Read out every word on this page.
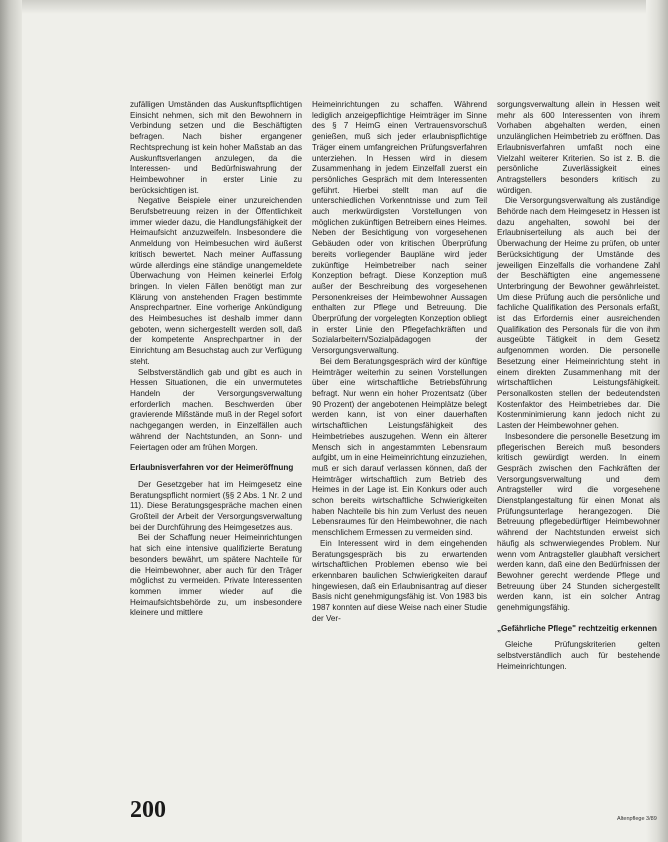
zufälligen Umständen das Auskunftspflichtigen Einsicht nehmen, sich mit den Bewohnern in Verbindung setzen und die Beschäftigten befragen. Nach bisher ergangener Rechtsprechung ist kein hoher Maßstab an das Auskunftsverlangen anzulegen, da die Interessen- und Bedürfniswahrung der Heimbewohner in erster Linie zu berücksichtigen ist.

Negative Beispiele einer unzureichenden Berufsbetreuung reizen in der Öffentlichkeit immer wieder dazu, die Handlungsfähigkeit der Heimaufsicht anzuzweifeln. Insbesondere die Anmeldung von Heimbesuchen wird äußerst kritisch bewertet. Nach meiner Auffassung würde allerdings eine ständige unangemeldete Überwachung von Heimen keinerlei Erfolg bringen. In vielen Fällen benötigt man zur Klärung von anstehenden Fragen bestimmte Ansprechpartner. Eine vorherige Ankündigung des Heimbesuches ist deshalb immer dann geboten, wenn sichergestellt werden soll, daß der kompetente Ansprechpartner in der Einrichtung am Besuchstag auch zur Verfügung steht.

Selbstverständlich gab und gibt es auch in Hessen Situationen, die ein unvermutetes Handeln der Versorgungsverwaltung erforderlich machen. Beschwerden über gravierende Mißstände muß in der Regel sofort nachgegangen werden, in Einzelfällen auch während der Nachtstunden, an Sonn- und Feiertagen oder am frühen Morgen.

Erlaubnisverfahren vor der Heimeröffnung

Der Gesetzgeber hat im Heimgesetz eine Beratungspflicht normiert (§§ 2 Abs. 1 Nr. 2 und 11). Diese Beratungsgespräche machen einen Großteil der Arbeit der Versorgungsverwaltung bei der Durchführung des Heimgesetzes aus.

Bei der Schaffung neuer Heimeinrichtungen hat sich eine intensive qualifizierte Beratung besonders bewährt, um spätere Nachteile für die Heimbewohner, aber auch für den Träger möglichst zu vermeiden. Private Interessenten kommen immer wieder auf die Heimaufsichtsbehörde zu, um insbesondere kleinere und mittlere

Heimeinrichtungen zu schaffen. Während lediglich anzeigepflichtige Heimträger im Sinne des § 7 HeimG einen Vertrauensvorschuß genießen, muß sich jeder erlaubnispflichtige Träger einem umfangreichen Prüfungsverfahren unterziehen. In Hessen wird in diesem Zusammenhang in jedem Einzelfall zuerst ein persönliches Gespräch mit dem Interessenten geführt. Hierbei stellt man auf die unterschiedlichen Vorkenntnisse und zum Teil auch merkwürdigsten Vorstellungen von möglichen zukünftigen Betreibern eines Heimes. Neben der Besichtigung von vorgesehenen Gebäuden oder von kritischen Überprüfung bereits vorliegender Baupläne wird jeder zukünftige Heimbetreiber nach seiner Konzeption befragt. Diese Konzeption muß außer der Beschreibung des vorgesehenen Personenkreises der Heimbewohner Aussagen enthalten zur Pflege und Betreuung. Die Überprüfung der vorgelegten Konzeption obliegt in erster Linie den Pflegefachkräften und Sozialarbeitern/Sozialpädagogen der Versorgungsverwaltung.

Bei dem Beratungsgespräch wird der künftige Heimträger weiterhin zu seinen Vorstellungen über eine wirtschaftliche Betriebsführung befragt. Nur wenn ein hoher Prozentsatz (über 90 Prozent) der angebotenen Heimplätze belegt werden kann, ist von einer dauerhaften wirtschaftlichen Leistungsfähigkeit des Heimbetriebes auszugehen. Wenn ein älterer Mensch sich in angestammten Lebensraum aufgibt, um in eine Heimeinrichtung einzuziehen, muß er sich darauf verlassen können, daß der Heimträger wirtschaftlich zum Betrieb des Heimes in der Lage ist. Ein Konkurs oder auch schon bereits wirtschaftliche Schwierigkeiten haben Nachteile bis hin zum Verlust des neuen Lebensraumes für den Heimbewohner, die nach menschlichem Ermessen zu vermeiden sind.

Ein Interessent wird in dem eingehenden Beratungsgespräch bis zu erwartenden wirtschaftlichen Problemen ebenso wie bei erkennbaren baulichen Schwierigkeiten darauf hingewiesen, daß ein Erlaubnisantrag auf dieser Basis nicht genehmigungsfähig ist. Von 1983 bis 1987 konnten auf diese Weise nach einer Studie der Ver-

sorgungsverwaltung allein in Hessen weit mehr als 600 Interessenten von ihrem Vorhaben abgehalten werden, einen unzulänglichen Heimbetrieb zu eröffnen. Das Erlaubnisverfahren umfaßt noch eine Vielzahl weiterer Kriterien. So ist z. B. die persönliche Zuverlässigkeit eines Antragstellers besonders kritisch zu würdigen.

Die Versorgungsverwaltung als zuständige Behörde nach dem Heimgesetz in Hessen ist dazu angehalten, sowohl bei der Erlaubniserteilung als auch bei der Überwachung der Heime zu prüfen, ob unter Berücksichtigung der Umstände des jeweiligen Einzelfalls die vorhandene Zahl der Beschäftigten eine angemessene Unterbringung der Bewohner gewährleistet. Um diese Prüfung auch die persönliche und fachliche Qualifikation des Personals erfaßt, ist das Erfordernis einer ausreichenden Qualifikation des Personals für die von ihm ausgeübte Tätigkeit in dem Gesetz aufgenommen worden. Die personelle Besetzung einer Heimeinrichtung steht in einem direkten Zusammenhang mit der wirtschaftlichen Leistungsfähigkeit. Personalkosten stellen der bedeutendsten Kostenfaktor des Heimbetriebes dar. Die Kostenminimierung kann jedoch nicht zu Lasten der Heimbewohner gehen.

Insbesondere die personelle Besetzung im pflegerischen Bereich muß besonders kritisch gewürdigt werden. In einem Gespräch zwischen den Fachkräften der Versorgungsverwaltung und dem Antragsteller wird die vorgesehene Dienstplangestaltung für einen Monat als Prüfungsunterlage herangezogen. Die Betreuung pflegebedürftiger Heimbewohner während der Nachtstunden erweist sich häufig als schwerwiegendes Problem. Nur wenn vom Antragsteller glaubhaft versichert werden kann, daß eine den Bedürfnissen der Bewohner gerecht werdende Pflege und Betreuung über 24 Stunden sichergestellt werden kann, ist ein solcher Antrag genehmigungsfähig.

„Gefährliche Pflege" rechtzeitig erkennen

Gleiche Prüfungskriterien gelten selbstverständlich auch für bestehende Heimeinrichtungen.

200	Altenpflege 3/89
